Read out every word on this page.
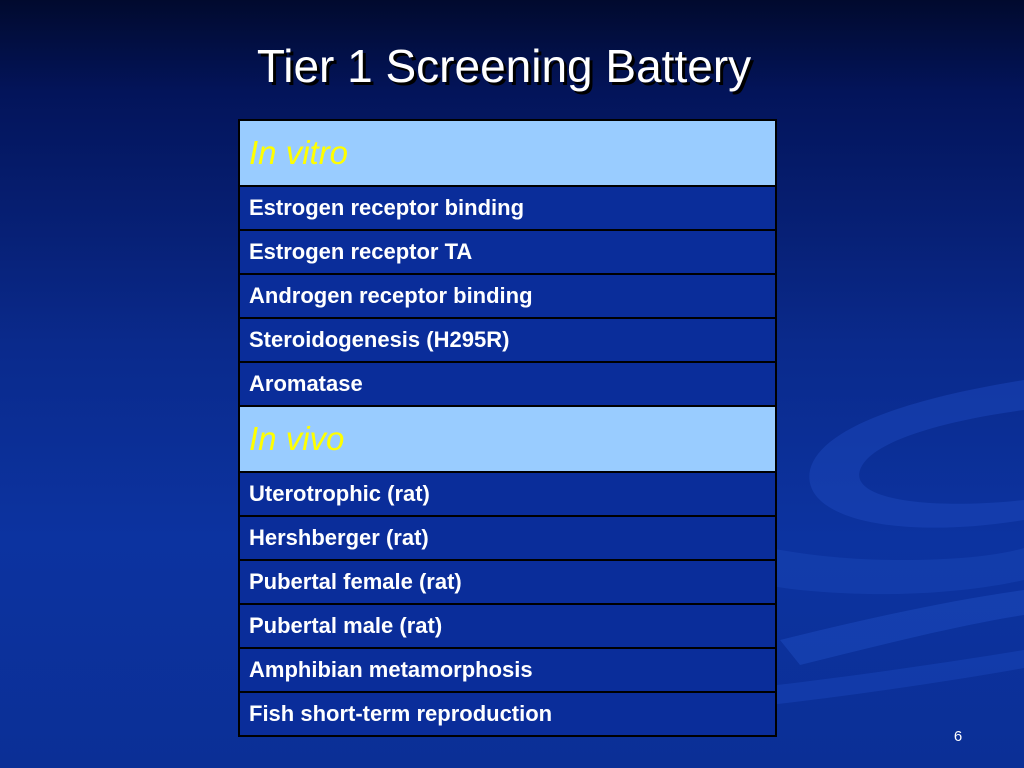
Tier 1 Screening Battery
In vitro
Estrogen receptor binding
Estrogen receptor TA
Androgen receptor binding
Steroidogenesis (H295R)
Aromatase
In vivo
Uterotrophic (rat)
Hershberger (rat)
Pubertal female (rat)
Pubertal male (rat)
Amphibian metamorphosis
Fish short-term reproduction
6
